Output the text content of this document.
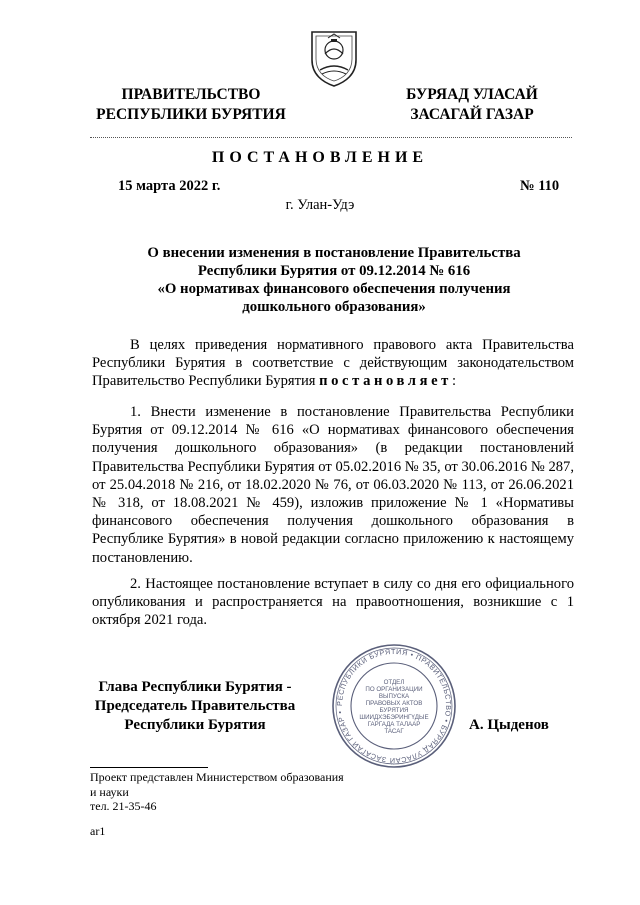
ПРАВИТЕЛЬСТВО
РЕСПУБЛИКИ БУРЯТИЯ
БУРЯАД УЛАСАЙ
ЗАСАГАЙ ГАЗАР
ПОСТАНОВЛЕНИЕ
15 марта 2022 г.	№ 110
г. Улан-Удэ
О внесении изменения в постановление Правительства
Республики Бурятия от 09.12.2014 № 616
«О нормативах финансового обеспечения получения
дошкольного образования»

В целях приведения нормативного правового акта Правительства Республики Бурятия в соответствие с действующим законодательством Правительство Республики Бурятия постановляет:

1. Внести изменение в постановление Правительства Республики Бурятия от 09.12.2014 № 616 «О нормативах финансового обеспечения получения дошкольного образования» (в редакции постановлений Правительства Республики Бурятия от 05.02.2016 № 35, от 30.06.2016 № 287, от 25.04.2018 № 216, от 18.02.2020 № 76, от 06.03.2020 № 113, от 26.06.2021 № 318, от 18.08.2021 № 459), изложив приложение № 1 «Нормативы финансового обеспечения получения дошкольного образования в Республике Бурятия» в новой редакции согласно приложению к настоящему постановлению.

2. Настоящее постановление вступает в силу со дня его официального опубликования и распространяется на правоотношения, возникшие с 1 октября 2021 года.

Глава Республики Бурятия -
Председатель Правительства
Республики Бурятия
РЕСПУБЛИКИ БУРЯТИЯ • ПРАВИТЕЛЬСТВО • БУРЯАД УЛАСАЙ ЗАСАГАЙ ГАЗАР •
ОТДЕЛ
ПО ОРГАНИЗАЦИИ
ВЫПУСКА
ПРАВОВЫХ АКТОВ
БУРЯТИЯ
ШИИДХЭБЭРИНГҮДЫЕ
ГАРГАДА ТАЛААР
ТАСАГ	А. Цыденов
Проект представлен Министерством образования
и науки
тел. 21-35-46
ar1
